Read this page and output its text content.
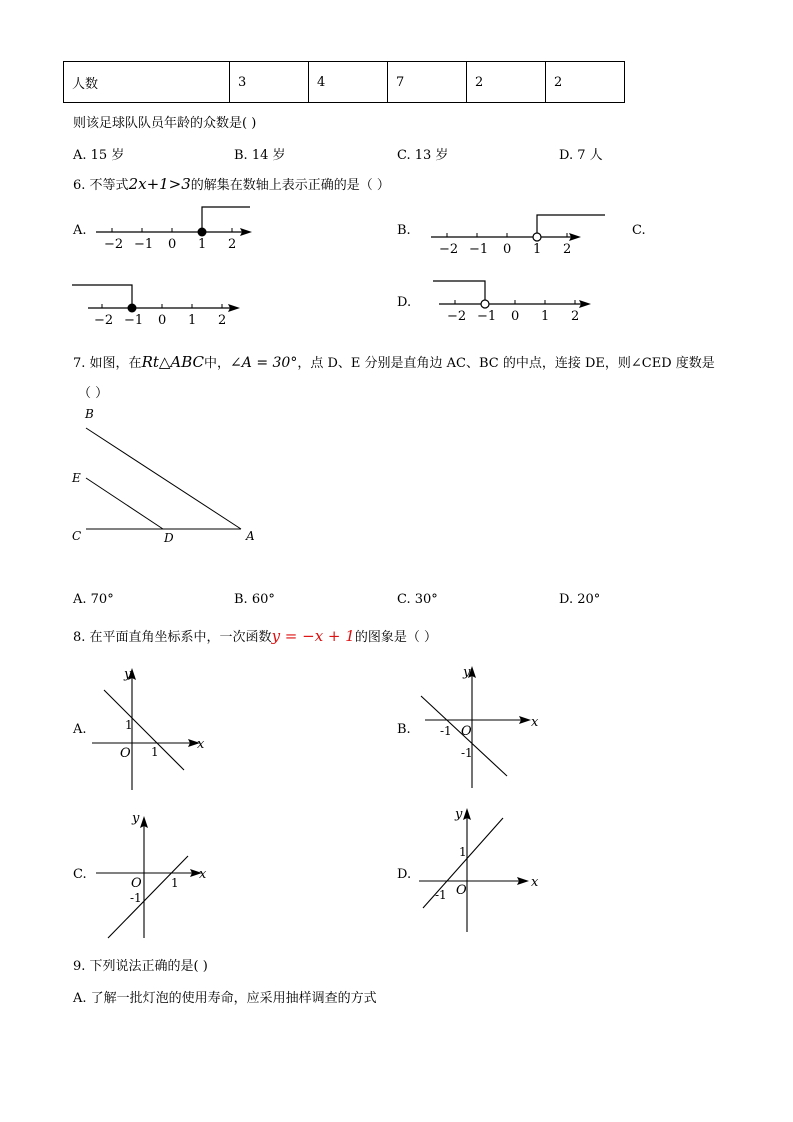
人数	3	4	7	2	2
则该足球队队员年龄的众数是( )
A. 15 岁	B. 14 岁	C. 13 岁	D. 7 人
6. 不等式2x+1>3的解集在数轴上表示正确的是（ ）
A.
−2 −1 0 1 2
B.
−2 −1 0 1 2
C.
−2 −1 0 1 2
D.
−2 −1 0 1 2
7. 如图，在Rt△ABC中，∠A = 30°，点 D、E 分别是直角边 AC、BC 的中点，连接 DE，则∠CED 度数是
（ ）
B
E
C	D	A
A. 70°	B. 60°	C. 30°	D. 20°
8. 在平面直角坐标系中，一次函数y = −x + 1的图象是（ ）
A.
y
x
O
1
1
B.
y
x
O
-1
-1
C.
y
x
O
-1
1
D.
y
x
O
1
-1
9. 下列说法正确的是( )
A. 了解一批灯泡的使用寿命，应采用抽样调查的方式
